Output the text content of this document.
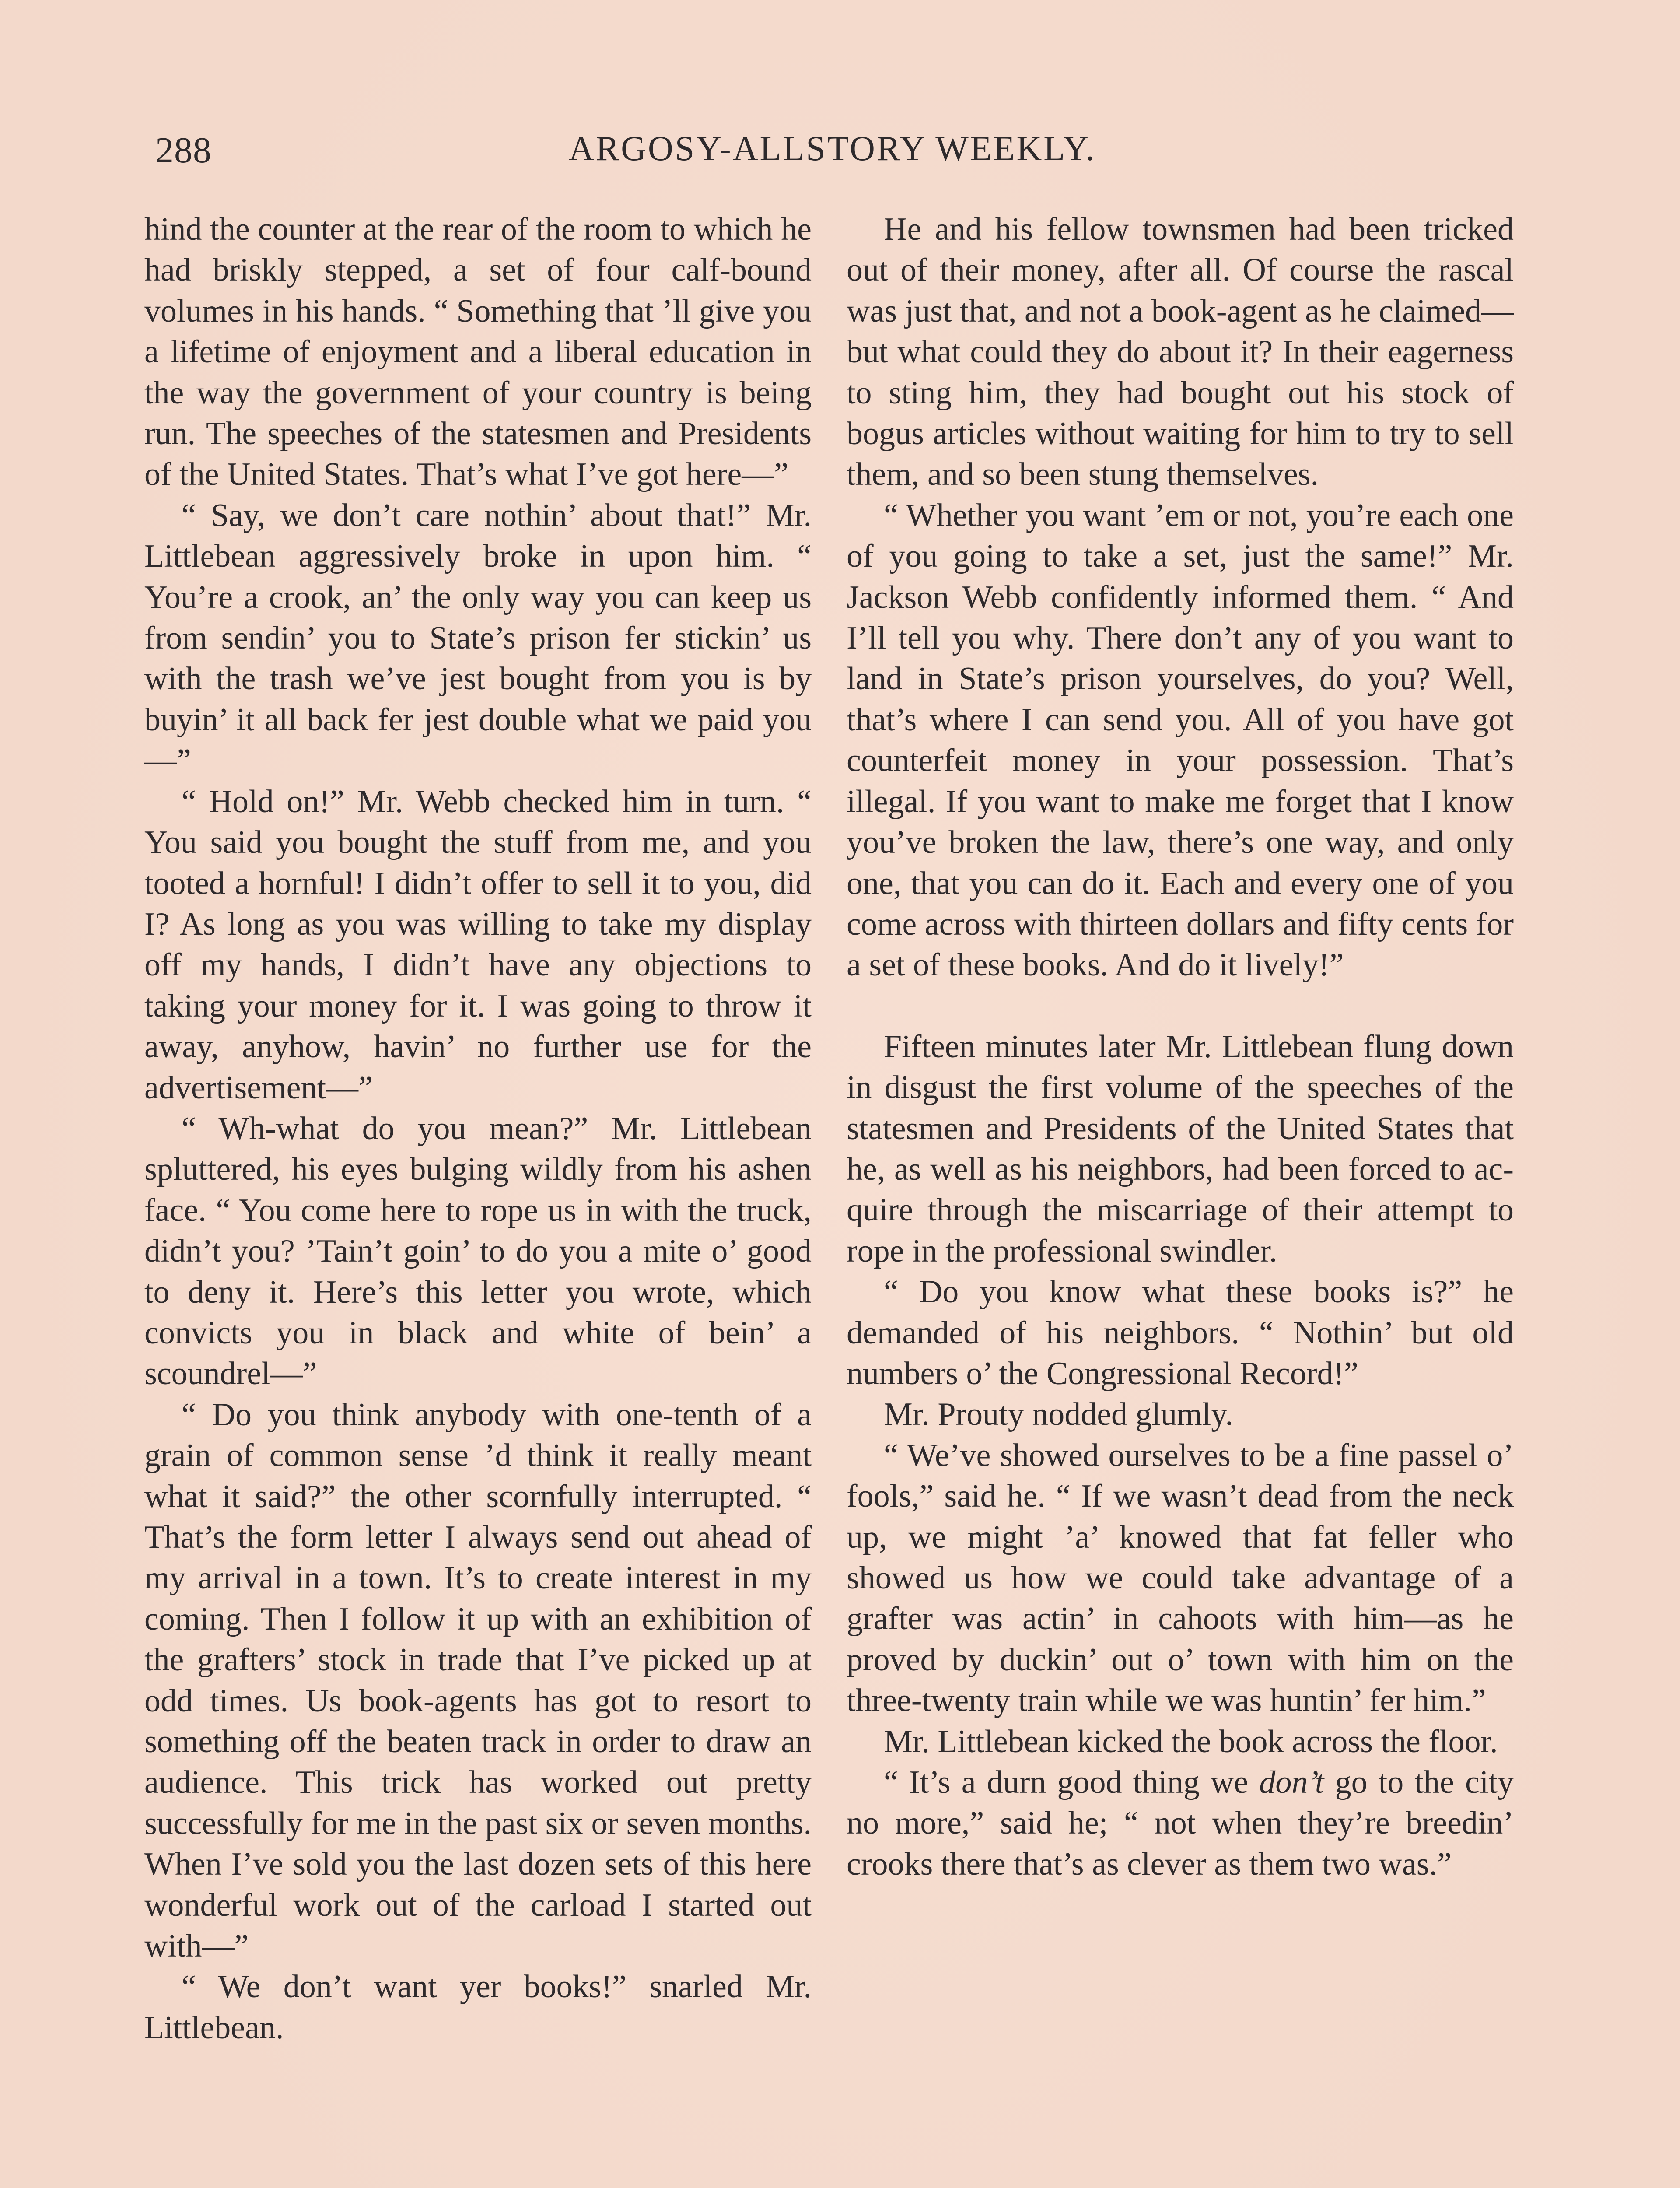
288	ARGOSY-ALLSTORY WEEKLY.

hind the counter at the rear of the room to which he had briskly stepped, a set of four calf-bound volumes in his hands. “ Something that ’ll give you a lifetime of enjoyment and a liberal education in the way the government of your country is being run. The speeches of the statesmen and Presidents of the United States. That’s what I’ve got here—”

“ Say, we don’t care nothin’ about that!” Mr. Littlebean aggressively broke in upon him. “ You’re a crook, an’ the only way you can keep us from sendin’ you to State’s prison fer stickin’ us with the trash we’ve jest bought from you is by buyin’ it all back fer jest double what we paid you—”

“ Hold on!” Mr. Webb checked him in turn. “ You said you bought the stuff from me, and you tooted a hornful! I didn’t offer to sell it to you, did I? As long as you was willing to take my display off my hands, I didn’t have any objections to taking your money for it. I was going to throw it away, anyhow, havin’ no further use for the advertisement—”

“ Wh-what do you mean?” Mr. Littlebean spluttered, his eyes bulging wildly from his ashen face. “ You come here to rope us in with the truck, didn’t you? ’Tain’t goin’ to do you a mite o’ good to deny it. Here’s this letter you wrote, which convicts you in black and white of bein’ a scoundrel—”

“ Do you think anybody with one-tenth of a grain of common sense ’d think it really meant what it said?” the other scornfully interrupted. “ That’s the form letter I always send out ahead of my arrival in a town. It’s to create interest in my coming. Then I follow it up with an exhibition of the grafters’ stock in trade that I’ve picked up at odd times. Us book-agents has got to resort to something off the beaten track in order to draw an audience. This trick has worked out pretty successfully for me in the past six or seven months. When I’ve sold you the last dozen sets of this here wonderful work out of the carload I started out with—”

“ We don’t want yer books!” snarled Mr. Littlebean.

He and his fellow townsmen had been tricked out of their money, after all. Of course the rascal was just that, and not a book-agent as he claimed—but what could they do about it? In their eagerness to sting him, they had bought out his stock of bogus articles without waiting for him to try to sell them, and so been stung themselves.

“ Whether you want ’em or not, you’re each one of you going to take a set, just the same!” Mr. Jackson Webb confidently informed them. “ And I’ll tell you why. There don’t any of you want to land in State’s prison yourselves, do you? Well, that’s where I can send you. All of you have got counterfeit money in your possession. That’s illegal. If you want to make me forget that I know you’ve broken the law, there’s one way, and only one, that you can do it. Each and every one of you come across with thirteen dollars and fifty cents for a set of these books. And do it lively!”

Fifteen minutes later Mr. Littlebean flung down in disgust the first volume of the speeches of the statesmen and Presidents of the United States that he, as well as his neighbors, had been forced to acquire through the miscarriage of their attempt to rope in the professional swindler.

“ Do you know what these books is?” he demanded of his neighbors. “ Nothin’ but old numbers o’ the Congressional Record!”

Mr. Prouty nodded glumly.

“ We’ve showed ourselves to be a fine passel o’ fools,” said he. “ If we wasn’t dead from the neck up, we might ’a’ knowed that fat feller who showed us how we could take advantage of a grafter was actin’ in cahoots with him—as he proved by duckin’ out o’ town with him on the three-twenty train while we was huntin’ fer him.”

Mr. Littlebean kicked the book across the floor.

“ It’s a durn good thing we don’t go to the city no more,” said he; “ not when they’re breedin’ crooks there that’s as clever as them two was.”
